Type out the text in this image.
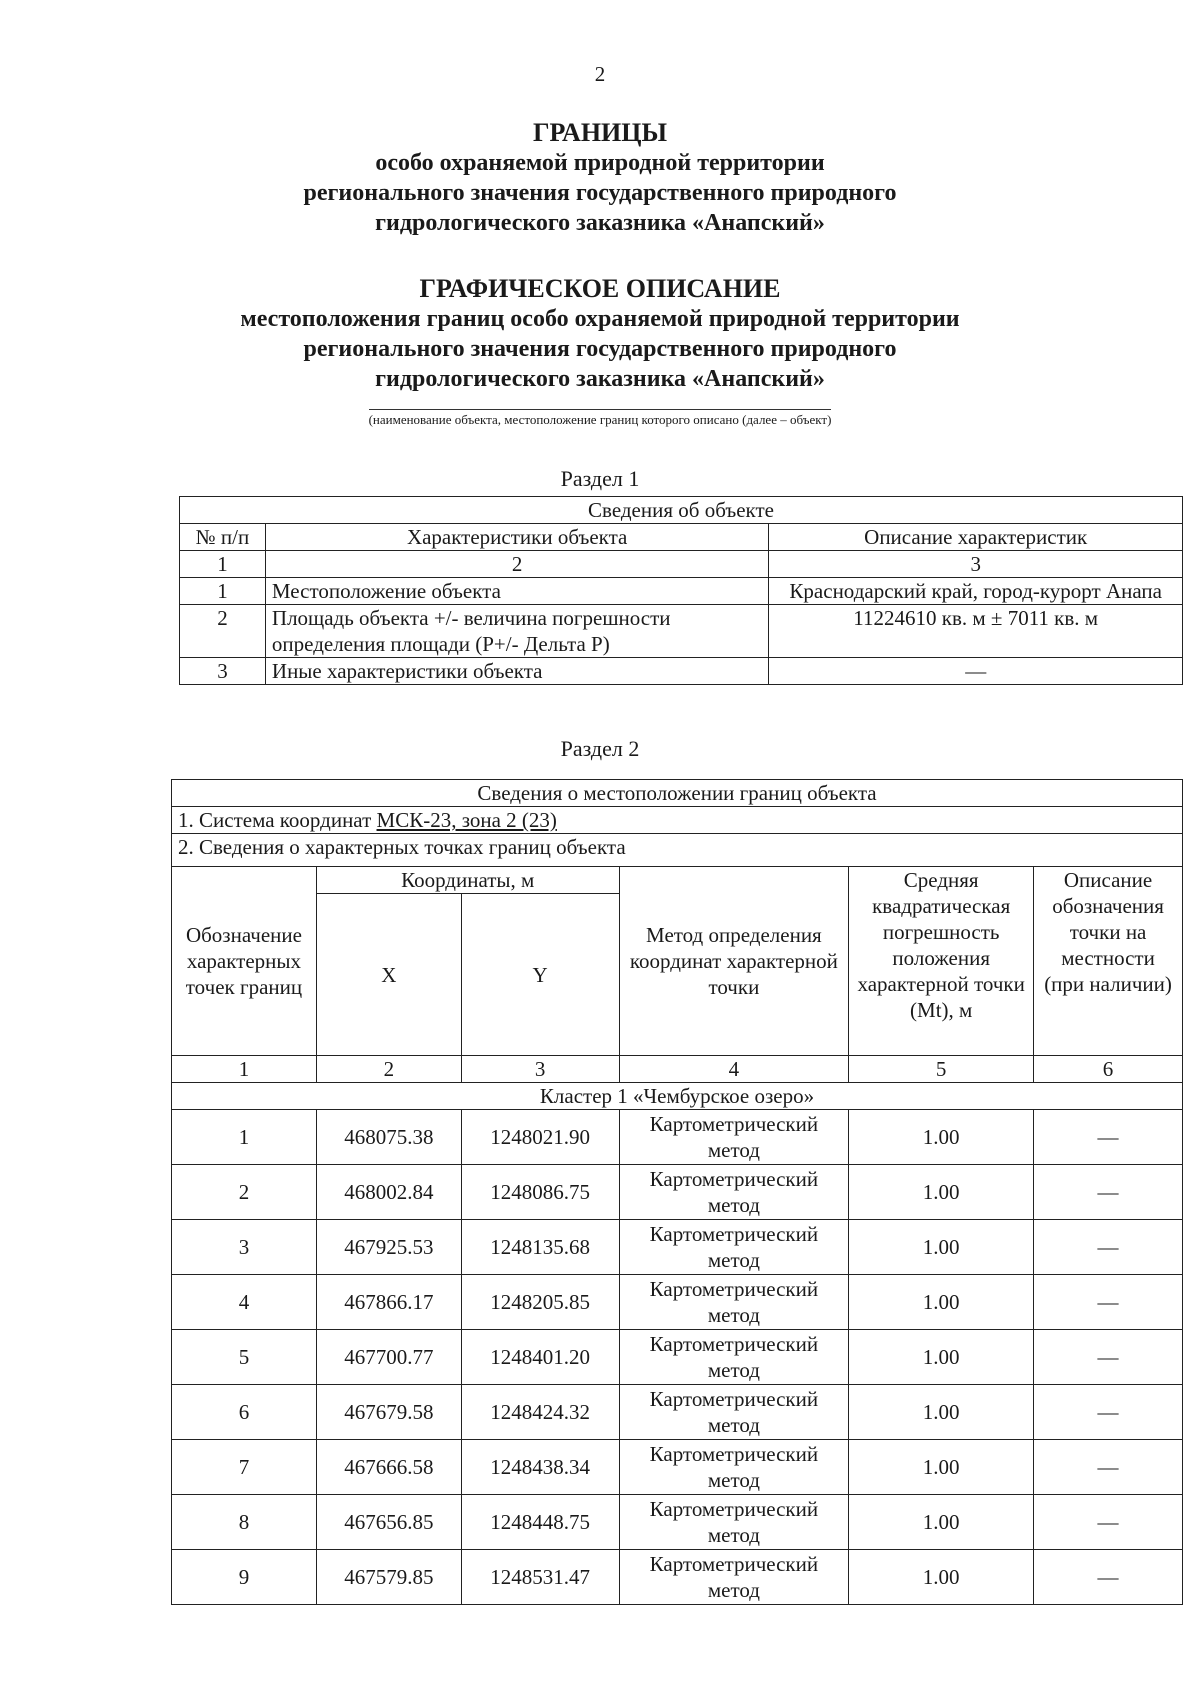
2
ГРАНИЦЫ
особо охраняемой природной территории
регионального значения государственного природного
гидрологического заказника «Анапский»
ГРАФИЧЕСКОЕ ОПИСАНИЕ
местоположения границ особо охраняемой природной территории
регионального значения государственного природного
гидрологического заказника «Анапский»
(наименование объекта, местоположение границ которого описано (далее – объект)
Раздел 1
Сведения об объекте		
№ п/п	Характеристики объекта	Описание характеристик
1	2	3
1	Местоположение объекта	Краснодарский край, город-курорт Анапа
2	Площадь объекта +/- величина погрешности определения площади (P+/- Дельта P)	11224610 кв. м ± 7011 кв. м
3	Иные характеристики объекта	—
Раздел 2
Сведения о местоположении границ объекта					
1. Система координат МСК-23, зона 2 (23)					
2. Сведения о характерных точках границ объекта					
Обозначение характерных точек границ	Координаты, м		Метод определения координат характерной точки	Средняя квадратическая погрешность положения характерной точки (Mt), м	Описание обозначения точки на местности (при наличии)
	X	Y			
1	2	3	4	5	6
Кластер 1 «Чембурское озеро»					
1	468075.38	1248021.90	Картометрический метод	1.00	—
2	468002.84	1248086.75	Картометрический метод	1.00	—
3	467925.53	1248135.68	Картометрический метод	1.00	—
4	467866.17	1248205.85	Картометрический метод	1.00	—
5	467700.77	1248401.20	Картометрический метод	1.00	—
6	467679.58	1248424.32	Картометрический метод	1.00	—
7	467666.58	1248438.34	Картометрический метод	1.00	—
8	467656.85	1248448.75	Картометрический метод	1.00	—
9	467579.85	1248531.47	Картометрический метод	1.00	—
